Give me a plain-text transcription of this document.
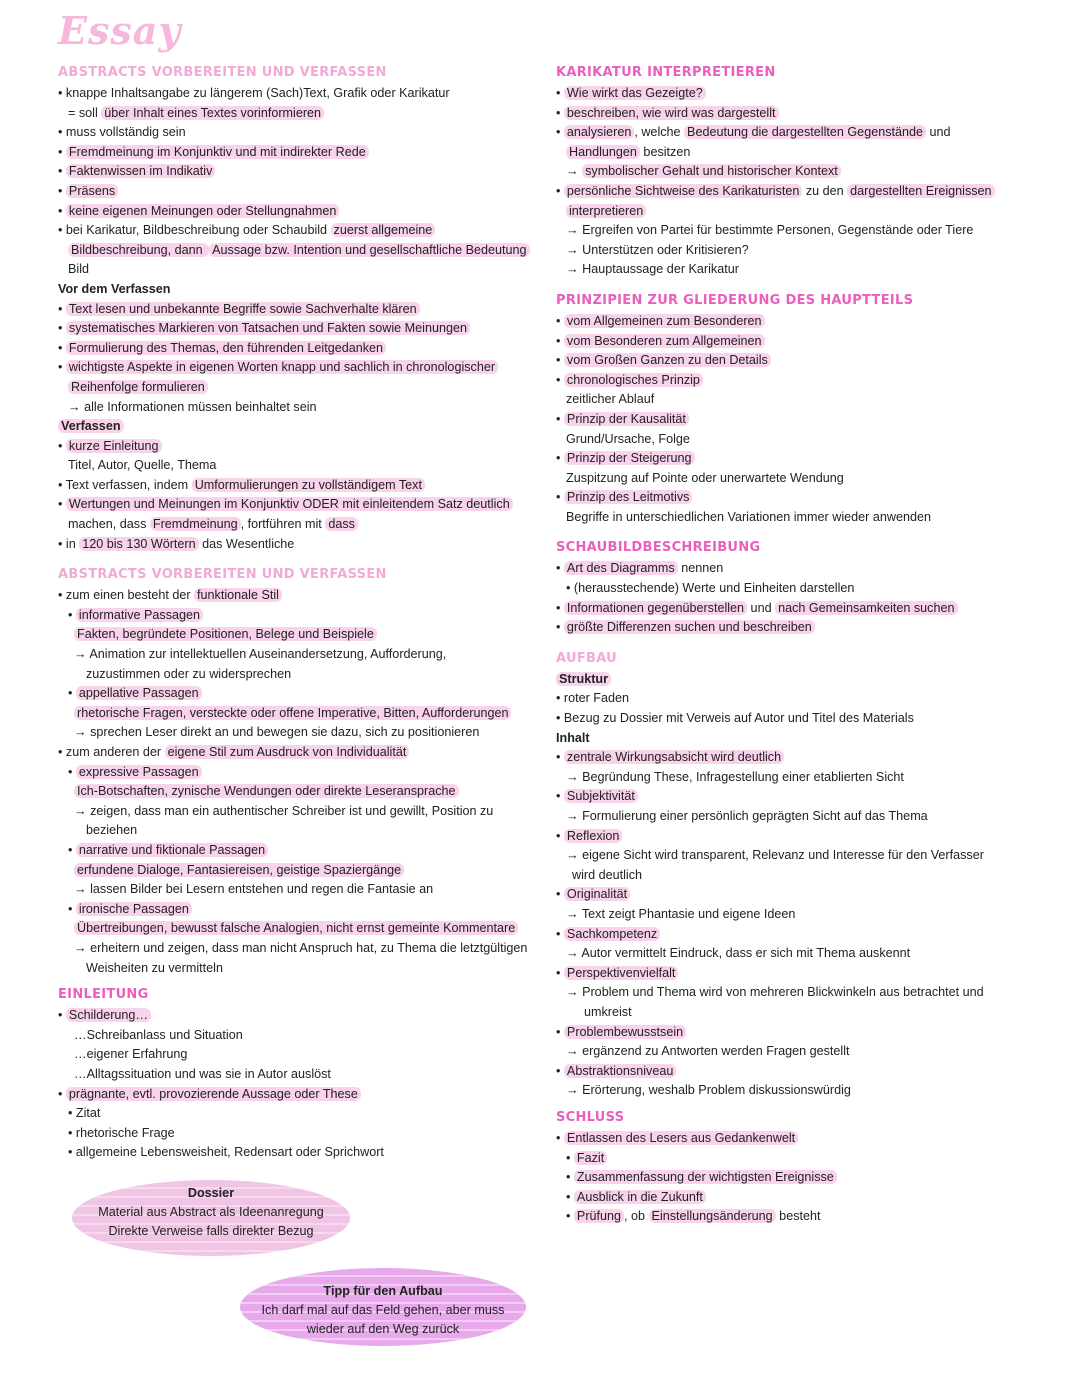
Essay
ABSTRACTS VORBEREITEN UND VERFASSEN
• knappe Inhaltsangabe zu längerem (Sach)Text, Grafik oder Karikatur
= soll über Inhalt eines Textes vorinformieren
• muss vollständig sein
• Fremdmeinung im Konjunktiv und mit indirekter Rede
• Faktenwissen im Indikativ
• Präsens
• keine eigenen Meinungen oder Stellungnahmen
• bei Karikatur, Bildbeschreibung oder Schaubild zuerst allgemeine
Bildbeschreibung, dann Aussage bzw. Intention und gesellschaftliche Bedeutung
Bild
Vor dem Verfassen
• Text lesen und unbekannte Begriffe sowie Sachverhalte klären
• systematisches Markieren von Tatsachen und Fakten sowie Meinungen
• Formulierung des Themas, den führenden Leitgedanken
• wichtigste Aspekte in eigenen Worten knapp und sachlich in chronologischer
Reihenfolge formulieren
→ alle Informationen müssen beinhaltet sein
Verfassen
• kurze Einleitung
Titel, Autor, Quelle, Thema
• Text verfassen, indem Umformulierungen zu vollständigem Text
• Wertungen und Meinungen im Konjunktiv ODER mit einleitendem Satz deutlich
machen, dass Fremdmeinung , fortführen mit dass
• in 120 bis 130 Wörtern das Wesentliche
ABSTRACTS VORBEREITEN UND VERFASSEN
• zum einen besteht der funktionale Stil
• informative Passagen
Fakten, begründete Positionen, Belege und Beispiele
→ Animation zur intellektuellen Auseinandersetzung, Aufforderung,
zuzustimmen oder zu widersprechen
• appellative Passagen
rhetorische Fragen, versteckte oder offene Imperative, Bitten, Aufforderungen
→ sprechen Leser direkt an und bewegen sie dazu, sich zu positionieren
• zum anderen der eigene Stil zum Ausdruck von Individualität
• expressive Passagen
Ich-Botschaften, zynische Wendungen oder direkte Leseransprache
→ zeigen, dass man ein authentischer Schreiber ist und gewillt, Position zu
beziehen
• narrative und fiktionale Passagen
erfundene Dialoge, Fantasiereisen, geistige Spaziergänge
→ lassen Bilder bei Lesern entstehen und regen die Fantasie an
• ironische Passagen
Übertreibungen, bewusst falsche Analogien, nicht ernst gemeinte Kommentare
→ erheitern und zeigen, dass man nicht Anspruch hat, zu Thema die letztgültigen
Weisheiten zu vermitteln
EINLEITUNG
• Schilderung…
…Schreibanlass und Situation
…eigener Erfahrung
…Alltagssituation und was sie in Autor auslöst
• prägnante, evtl. provozierende Aussage oder These
• Zitat
• rhetorische Frage
• allgemeine Lebensweisheit, Redensart oder Sprichwort
Dossier
Material aus Abstract als Ideenanregung
Direkte Verweise falls direkter Bezug
Tipp für den Aufbau
Ich darf mal auf das Feld gehen, aber muss
wieder auf den Weg zurück
KARIKATUR INTERPRETIEREN
• Wie wirkt das Gezeigte?
• beschreiben, wie wird was dargestellt
• analysieren , welche Bedeutung die dargestellten Gegenstände und
Handlungen besitzen
→ symbolischer Gehalt und historischer Kontext
• persönliche Sichtweise des Karikaturisten zu den dargestellten Ereignissen
interpretieren
→ Ergreifen von Partei für bestimmte Personen, Gegenstände oder Tiere
→ Unterstützen oder Kritisieren?
→ Hauptaussage der Karikatur
PRINZIPIEN ZUR GLIEDERUNG DES HAUPTTEILS
• vom Allgemeinen zum Besonderen
• vom Besonderen zum Allgemeinen
• vom Großen Ganzen zu den Details
• chronologisches Prinzip
zeitlicher Ablauf
• Prinzip der Kausalität
Grund/Ursache, Folge
• Prinzip der Steigerung
Zuspitzung auf Pointe oder unerwartete Wendung
• Prinzip des Leitmotivs
Begriffe in unterschiedlichen Variationen immer wieder anwenden
SCHAUBILDBESCHREIBUNG
• Art des Diagramms nennen
• (herausstechende) Werte und Einheiten darstellen
• Informationen gegenüberstellen und nach Gemeinsamkeiten suchen
• größte Differenzen suchen und beschreiben
AUFBAU
Struktur
• roter Faden
• Bezug zu Dossier mit Verweis auf Autor und Titel des Materials
Inhalt
• zentrale Wirkungsabsicht wird deutlich
→ Begründung These, Infragestellung einer etablierten Sicht
• Subjektivität
→ Formulierung einer persönlich geprägten Sicht auf das Thema
• Reflexion
→ eigene Sicht wird transparent, Relevanz und Interesse für den Verfasser
wird deutlich
• Originalität
→ Text zeigt Phantasie und eigene Ideen
• Sachkompetenz
→ Autor vermittelt Eindruck, dass er sich mit Thema auskennt
• Perspektivenvielfalt
→ Problem und Thema wird von mehreren Blickwinkeln aus betrachtet und
umkreist
• Problembewusstsein
→ ergänzend zu Antworten werden Fragen gestellt
• Abstraktionsniveau
→ Erörterung, weshalb Problem diskussionswürdig
SCHLUSS
• Entlassen des Lesers aus Gedankenwelt
• Fazit
• Zusammenfassung der wichtigsten Ereignisse
• Ausblick in die Zukunft
• Prüfung , ob Einstellungsänderung besteht
